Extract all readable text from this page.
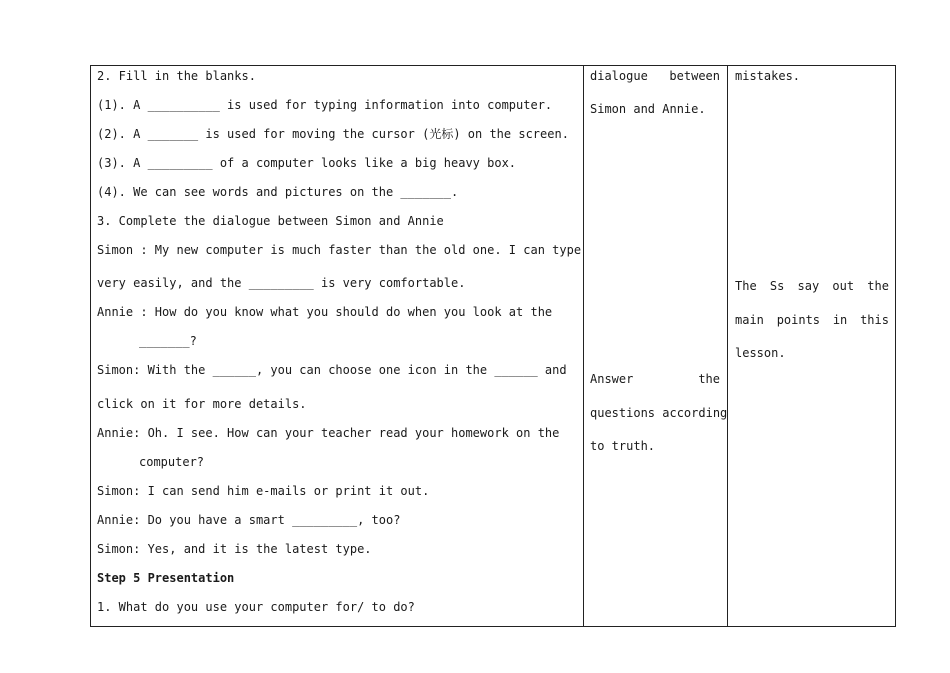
2. Fill in the blanks.
(1). A __________ is used for typing information into computer.
(2). A _______ is used for moving the cursor (光标) on the screen.
(3). A _________ of a computer looks like a big heavy box.
(4). We can see words and pictures on the _______.
3. Complete the dialogue between Simon and Annie
Simon : My new computer is much faster than the old one. I can type
very easily, and the _________ is very comfortable.
Annie : How do you know what you should do when you look at the
_______?
Simon: With the ______, you can choose one icon in the ______ and
click on it for more details.
Annie: Oh. I see. How can your teacher read your homework on the
computer?
Simon: I can send him e-mails or print it out.
Annie: Do you have a smart _________, too?
Simon: Yes, and it is the latest type.
Step 5 Presentation
1. What do you use your computer for/ to do?
dialogue between
Simon and Annie.
Answer	the
questions according
to truth.
mistakes.
The Ss say out the
main points in this
lesson.
